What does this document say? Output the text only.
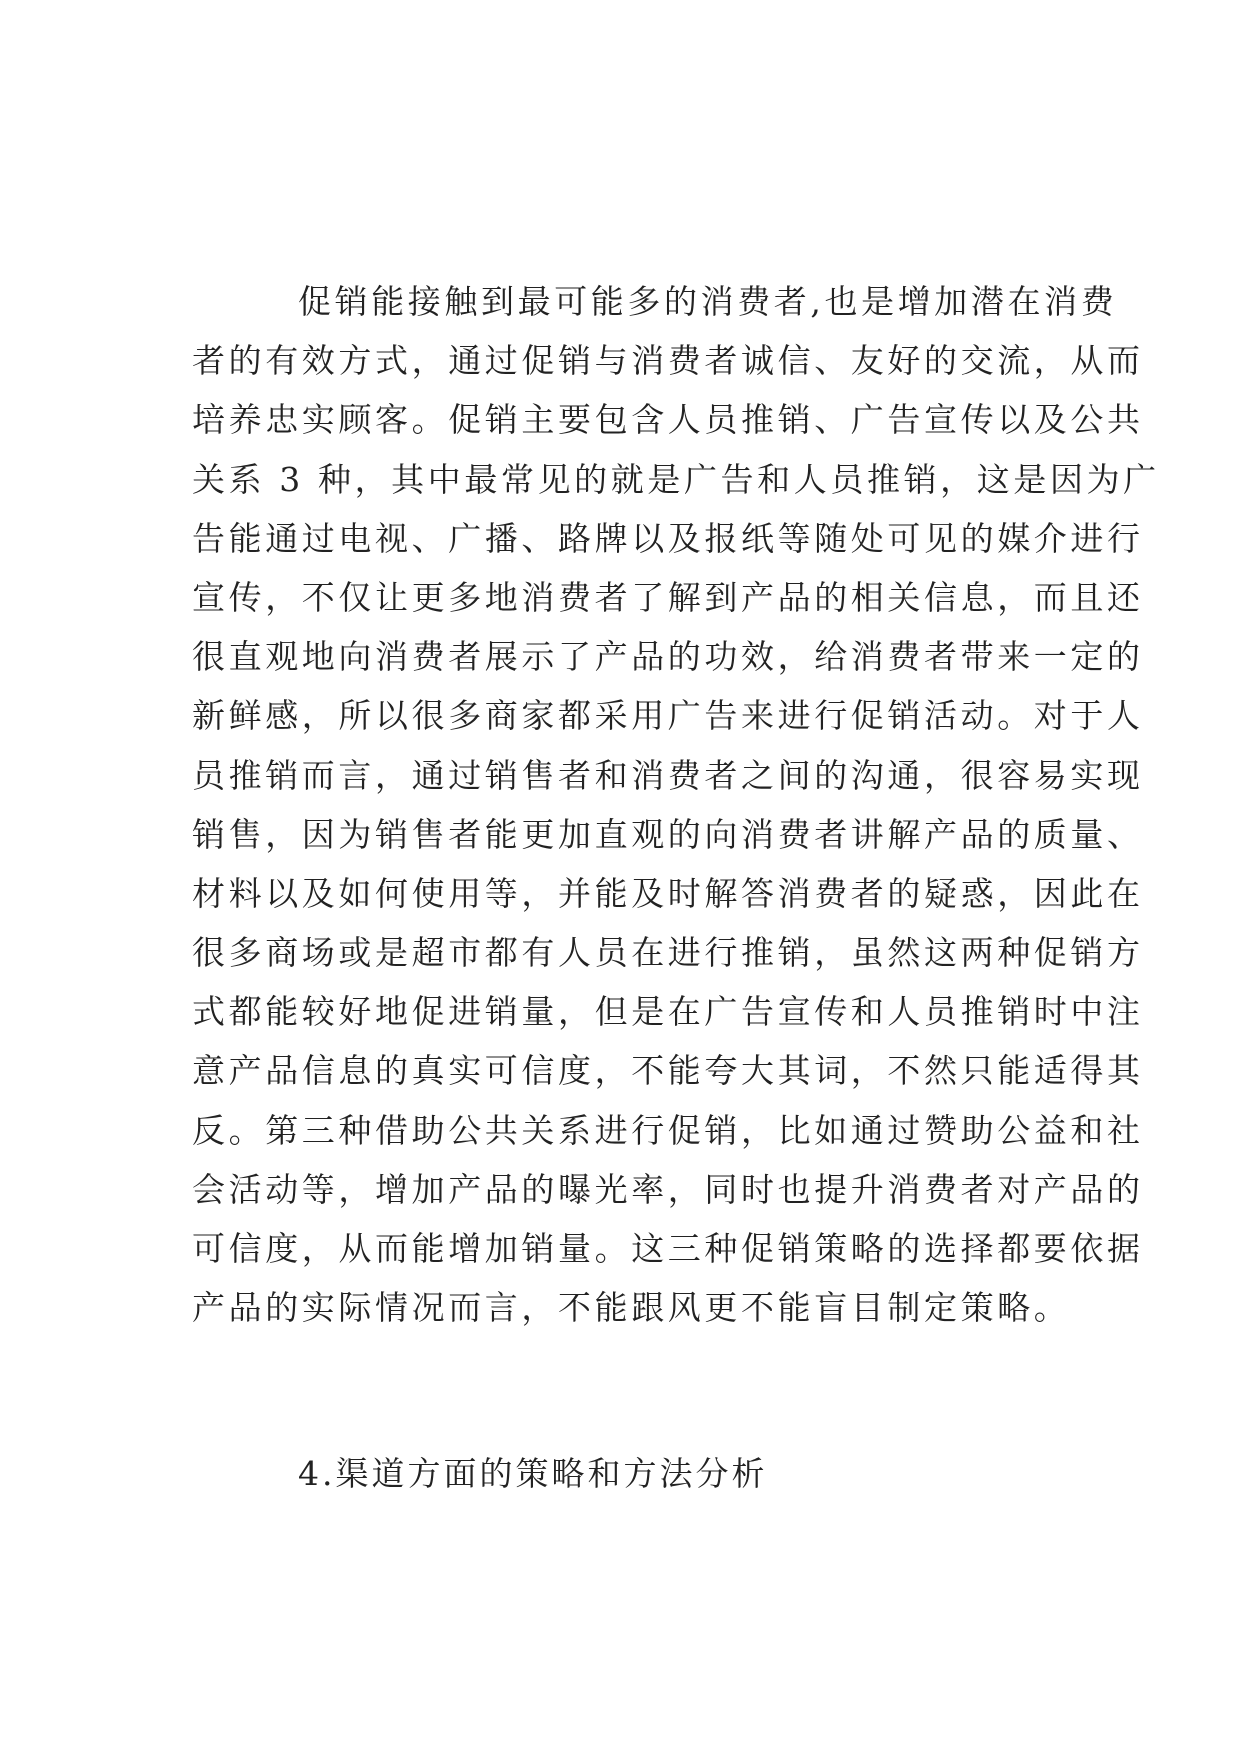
促销能接触到最可能多的消费者,也是增加潜在消费
者的有效方式，通过促销与消费者诚信、友好的交流，从而
培养忠实顾客。促销主要包含人员推销、广告宣传以及公共
关系 3 种，其中最常见的就是广告和人员推销，这是因为广
告能通过电视、广播、路牌以及报纸等随处可见的媒介进行
宣传，不仅让更多地消费者了解到产品的相关信息，而且还
很直观地向消费者展示了产品的功效，给消费者带来一定的
新鲜感，所以很多商家都采用广告来进行促销活动。对于人
员推销而言，通过销售者和消费者之间的沟通，很容易实现
销售，因为销售者能更加直观的向消费者讲解产品的质量、
材料以及如何使用等，并能及时解答消费者的疑惑，因此在
很多商场或是超市都有人员在进行推销，虽然这两种促销方
式都能较好地促进销量，但是在广告宣传和人员推销时中注
意产品信息的真实可信度，不能夸大其词，不然只能适得其
反。第三种借助公共关系进行促销，比如通过赞助公益和社
会活动等，增加产品的曝光率，同时也提升消费者对产品的
可信度，从而能增加销量。这三种促销策略的选择都要依据
产品的实际情况而言，不能跟风更不能盲目制定策略。
4.渠道方面的策略和方法分析
